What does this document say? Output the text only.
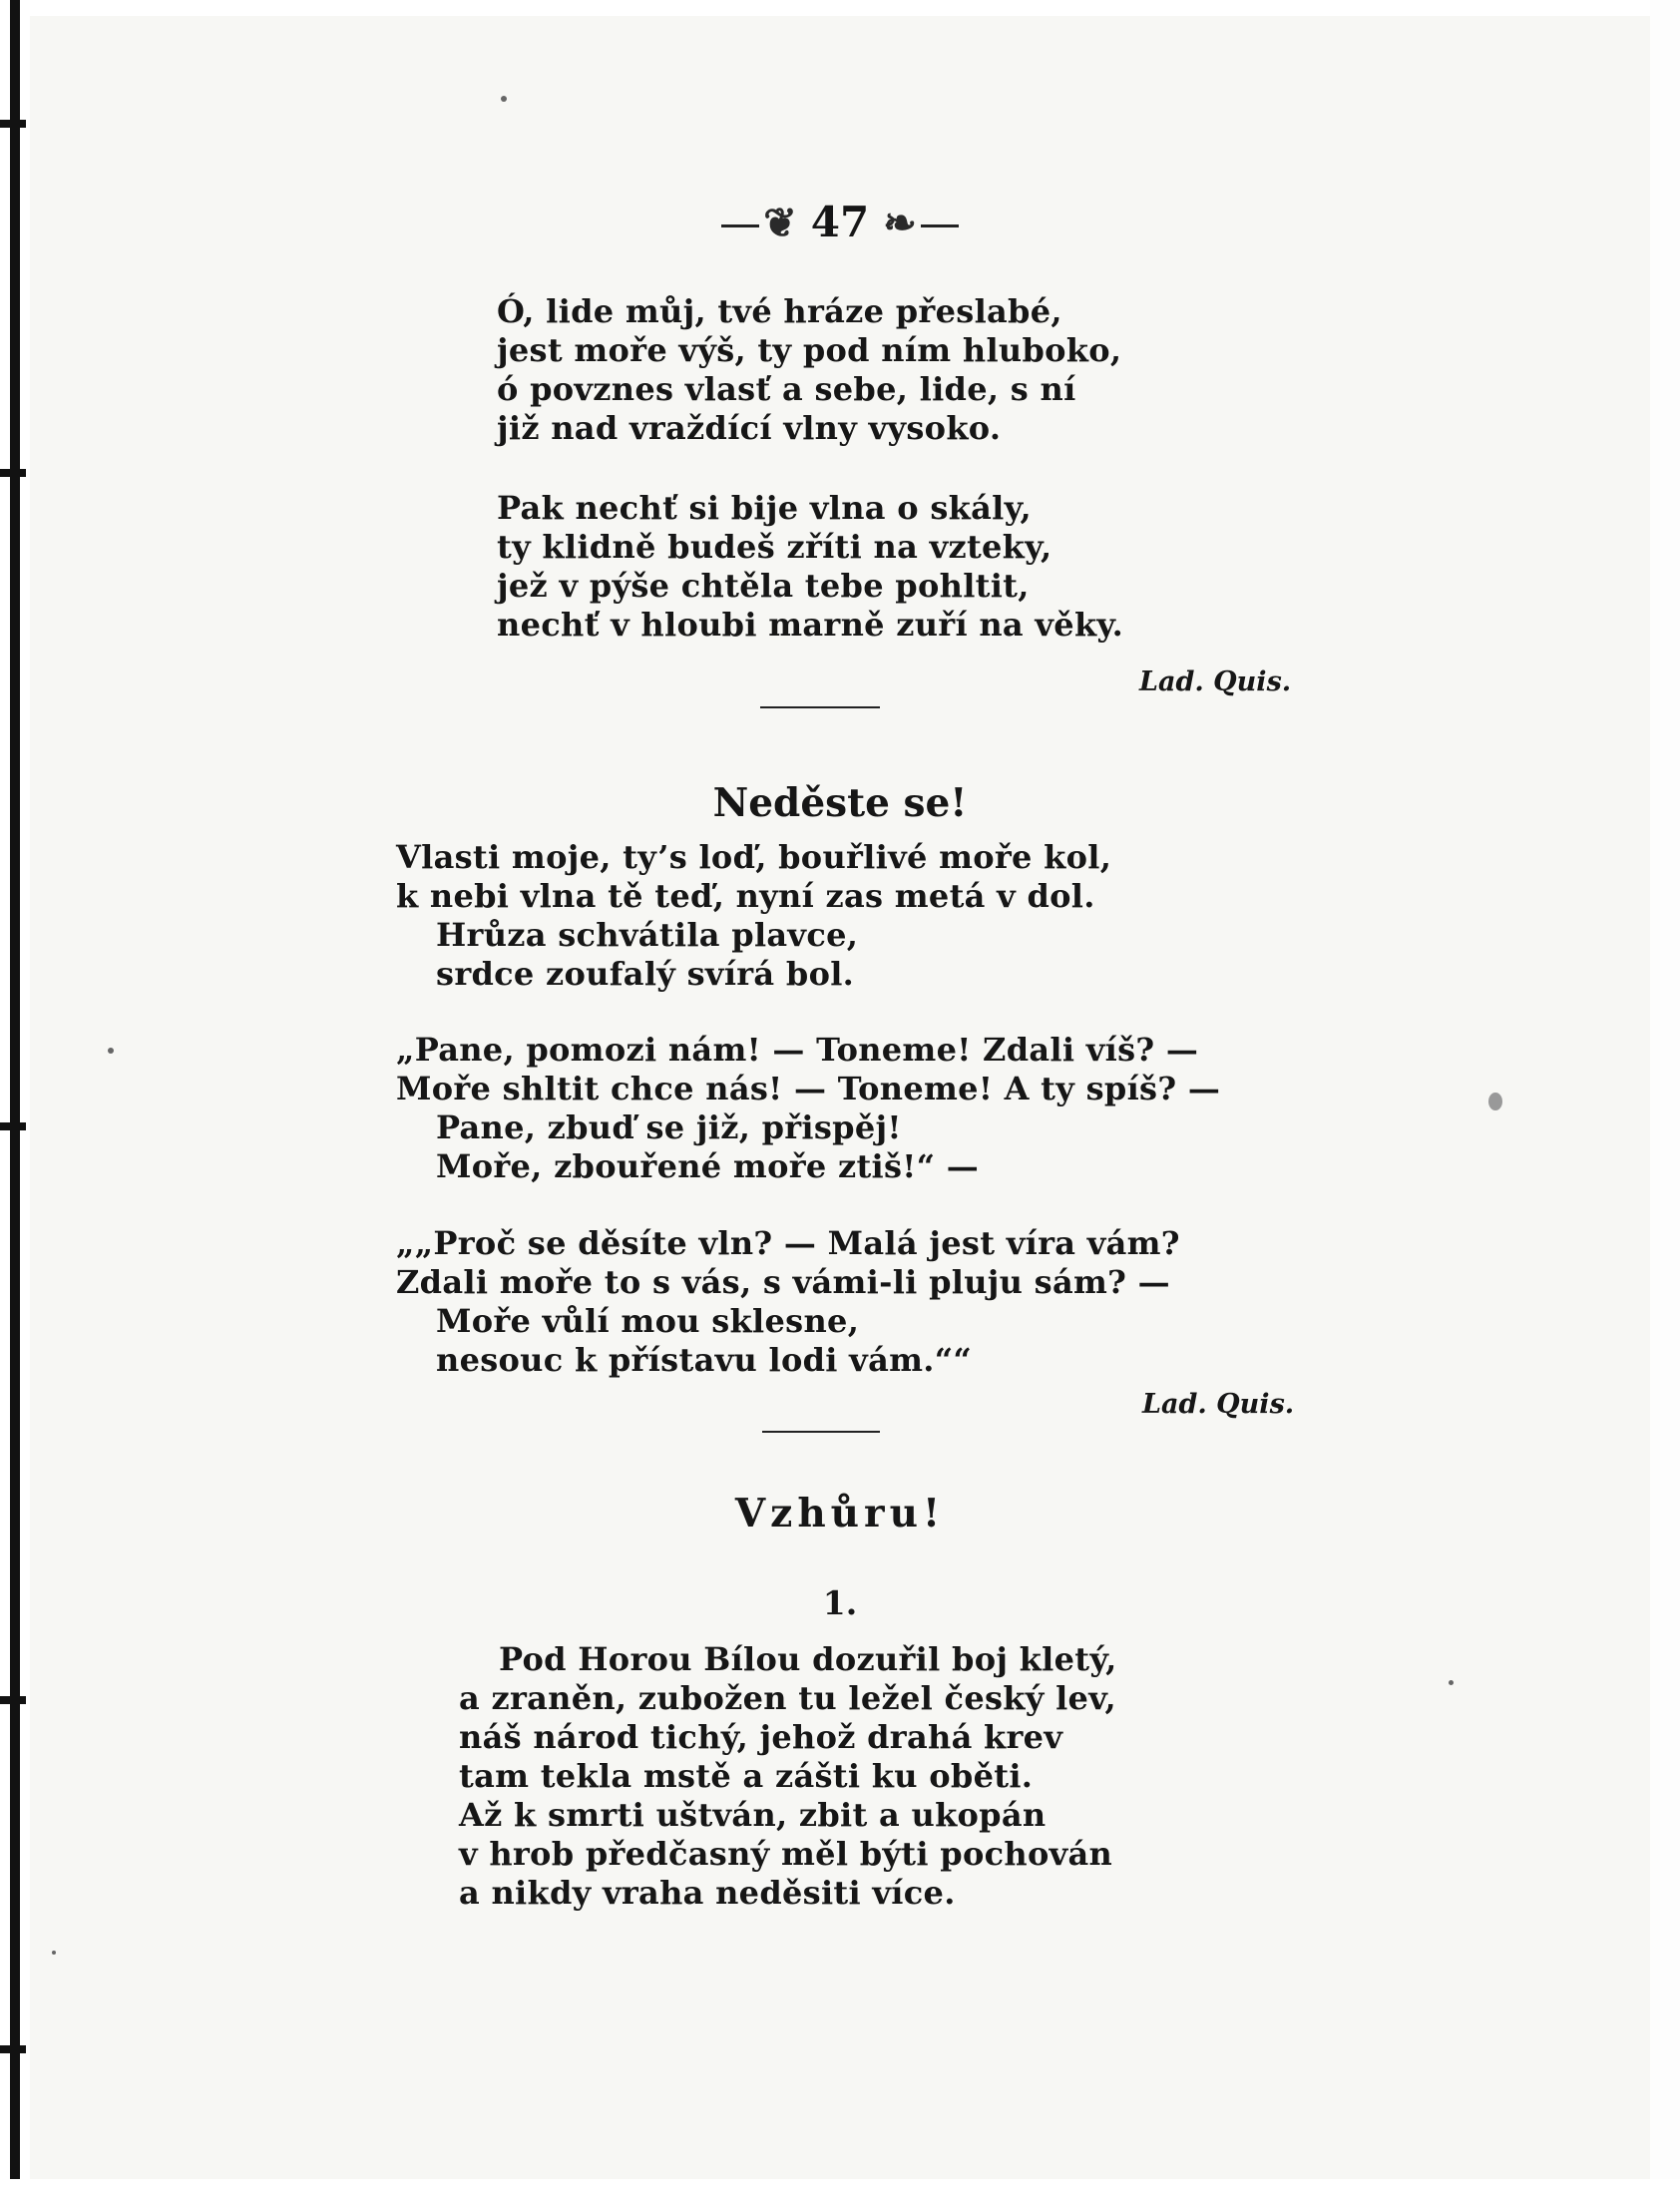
❦ 47 ❧
Ó, lide můj, tvé hráze přeslabé,
jest moře výš, ty pod ním hluboko,
ó povznes vlasť a sebe, lide, s ní
již nad vraždící vlny vysoko.
Pak nechť si bije vlna o skály,
ty klidně budeš zříti na vzteky,
jež v pýše chtěla tebe pohltit,
nechť v hloubi marně zuří na věky.
Lad. Quis.
Neděste se!
Vlasti moje, ty’s loď, bouřlivé moře kol,
k nebi vlna tě teď, nyní zas metá v dol.
Hrůza schvátila plavce,
srdce zoufalý svírá bol.
„Pane, pomozi nám! — Toneme! Zdali víš? —
Moře shltit chce nás! — Toneme! A ty spíš? —
Pane, zbuď se již, přispěj!
Moře, zbouřené moře ztiš!“ —
„„Proč se děsíte vln? — Malá jest víra vám?
Zdali moře to s vás, s vámi-li pluju sám? —
Moře vůlí mou sklesne,
nesouc k přístavu lodi vám.““
Lad. Quis.
Vzhůru!
1.
Pod Horou Bílou dozuřil boj kletý,
a zraněn, zubožen tu ležel český lev,
náš národ tichý, jehož drahá krev
tam tekla mstě a zášti ku oběti.
Až k smrti uštván, zbit a ukopán
v hrob předčasný měl býti pochován
a nikdy vraha neděsiti více.
